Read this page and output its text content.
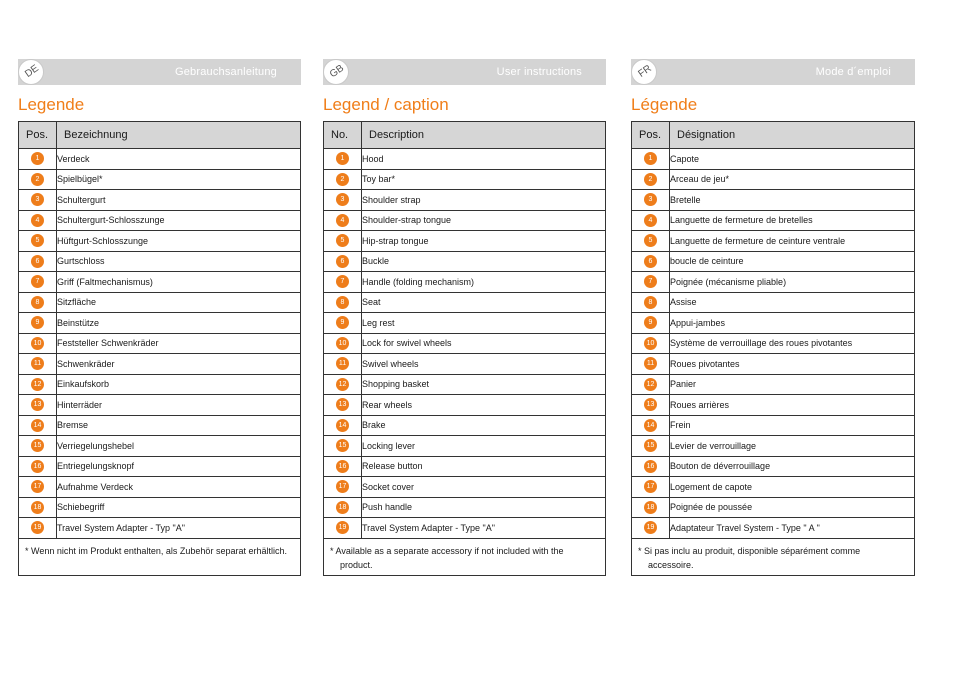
DE	Gebrauchsanleitung
Legende
Pos.	Bezeichnung
1	Verdeck
2	Spielbügel*
3	Schultergurt
4	Schultergurt-Schlosszunge
5	Hüftgurt-Schlosszunge
6	Gurtschloss
7	Griff (Faltmechanismus)
8	Sitzfläche
9	Beinstütze
10	Feststeller Schwenkräder
11	Schwenkräder
12	Einkaufskorb
13	Hinterräder
14	Bremse
15	Verriegelungshebel
16	Entriegelungsknopf
17	Aufnahme Verdeck
18	Schiebegriff
19	Travel System Adapter - Typ "A"
* Wenn nicht im Produkt enthalten, als Zubehör separat erhältlich.
GB	User instructions
Legend / caption
No.	Description
1	Hood
2	Toy bar*
3	Shoulder strap
4	Shoulder-strap tongue
5	Hip-strap tongue
6	Buckle
7	Handle (folding mechanism)
8	Seat
9	Leg rest
10	Lock for swivel wheels
11	Swivel wheels
12	Shopping basket
13	Rear wheels
14	Brake
15	Locking lever
16	Release button
17	Socket cover
18	Push handle
19	Travel System Adapter - Type "A"
* Available as a separate accessory if not included with the product.
FR	Mode d´emploi
Légende
Pos.	Désignation
1	Capote
2	Arceau de jeu*
3	Bretelle
4	Languette de fermeture de bretelles
5	Languette de fermeture de ceinture ventrale
6	boucle de ceinture
7	Poignée (mécanisme pliable)
8	Assise
9	Appui-jambes
10	Système de verrouillage des roues pivotantes
11	Roues pivotantes
12	Panier
13	Roues arrières
14	Frein
15	Levier de verrouillage
16	Bouton de déverrouillage
17	Logement de capote
18	Poignée de poussée
19	Adaptateur Travel System - Type " A "
* Si pas inclu au produit, disponible séparément comme accessoire.
